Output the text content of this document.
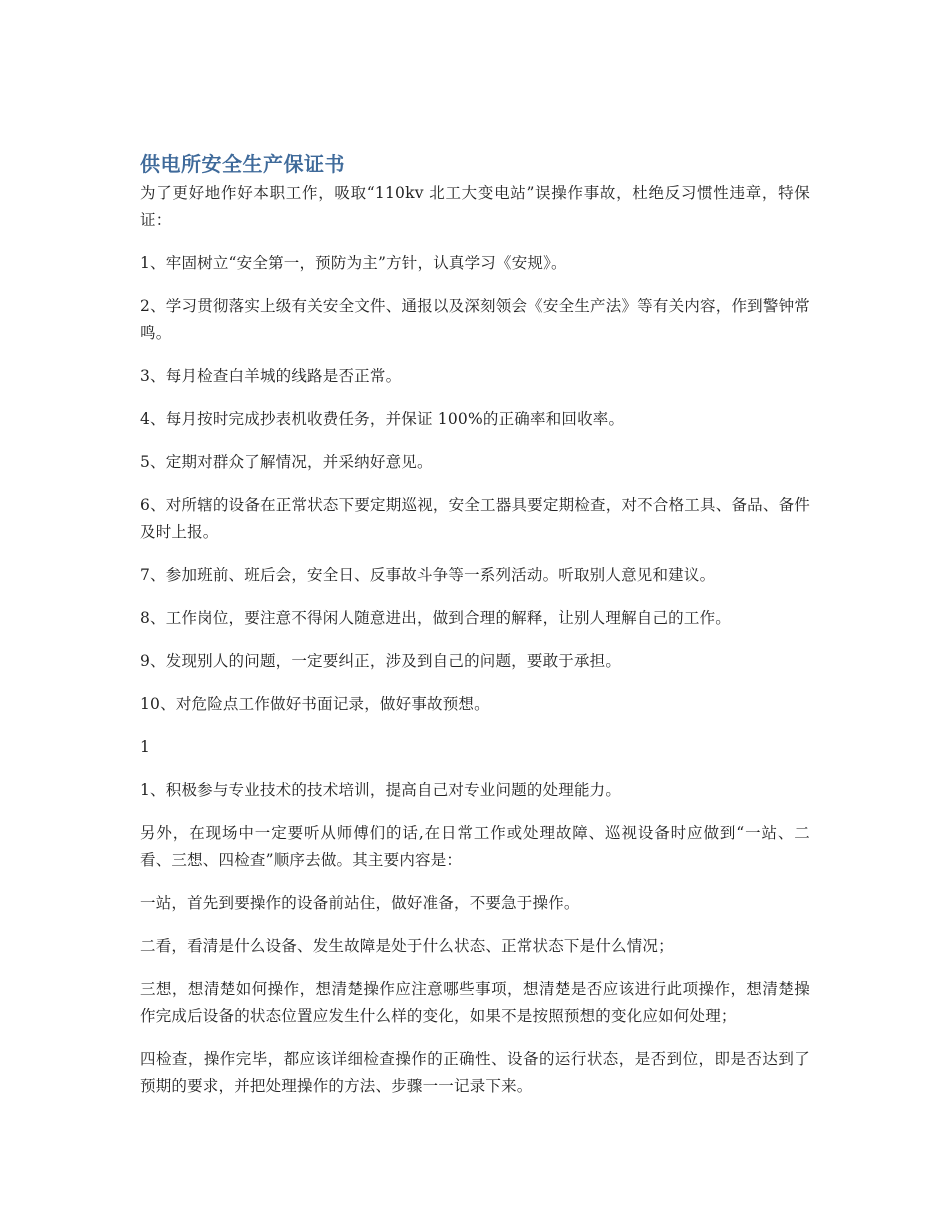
供电所安全生产保证书

为了更好地作好本职工作，吸取“110kv 北工大变电站”误操作事故，杜绝反习惯性违章，特保证：

1、牢固树立“安全第一，预防为主”方针，认真学习《安规》。

2、学习贯彻落实上级有关安全文件、通报以及深刻领会《安全生产法》等有关内容，作到警钟常鸣。

3、每月检查白羊城的线路是否正常。

4、每月按时完成抄表机收费任务，并保证 100%的正确率和回收率。

5、定期对群众了解情况，并采纳好意见。

6、对所辖的设备在正常状态下要定期巡视，安全工器具要定期检查，对不合格工具、备品、备件及时上报。

7、参加班前、班后会，安全日、反事故斗争等一系列活动。听取别人意见和建议。

8、工作岗位，要注意不得闲人随意进出，做到合理的解释，让别人理解自己的工作。

9、发现别人的问题，一定要纠正，涉及到自己的问题，要敢于承担。

10、对危险点工作做好书面记录，做好事故预想。

1

1、积极参与专业技术的技术培训，提高自己对专业问题的处理能力。

另外，在现场中一定要听从师傅们的话,在日常工作或处理故障、巡视设备时应做到“一站、二看、三想、四检查”顺序去做。其主要内容是：

一站，首先到要操作的设备前站住，做好准备，不要急于操作。

二看，看清是什么设备、发生故障是处于什么状态、正常状态下是什么情况；

三想，想清楚如何操作，想清楚操作应注意哪些事项，想清楚是否应该进行此项操作，想清楚操作完成后设备的状态位置应发生什么样的变化，如果不是按照预想的变化应如何处理；

四检查，操作完毕，都应该详细检查操作的正确性、设备的运行状态，是否到位，即是否达到了预期的要求，并把处理操作的方法、步骤一一记录下来。
